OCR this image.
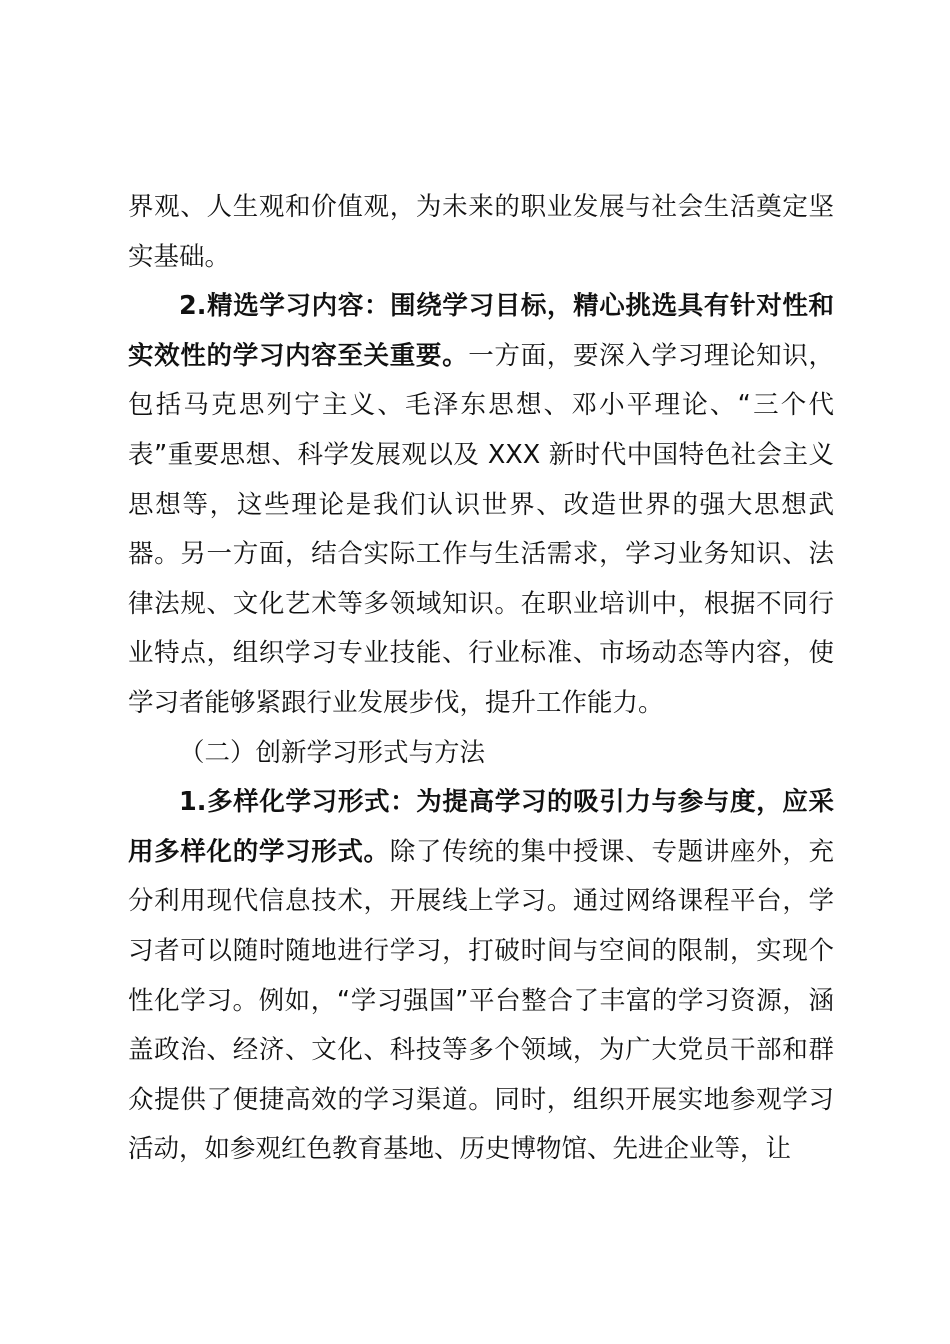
界观、人生观和价值观，为未来的职业发展与社会生活奠定坚实基础。

2.精选学习内容：围绕学习目标，精心挑选具有针对性和实效性的学习内容至关重要。一方面，要深入学习理论知识，包括马克思列宁主义、毛泽东思想、邓小平理论、“三个代表”重要思想、科学发展观以及 XXX 新时代中国特色社会主义思想等，这些理论是我们认识世界、改造世界的强大思想武器。另一方面，结合实际工作与生活需求，学习业务知识、法律法规、文化艺术等多领域知识。在职业培训中，根据不同行业特点，组织学习专业技能、行业标准、市场动态等内容，使学习者能够紧跟行业发展步伐，提升工作能力。

（二）创新学习形式与方法

1.多样化学习形式：为提高学习的吸引力与参与度，应采用多样化的学习形式。除了传统的集中授课、专题讲座外，充分利用现代信息技术，开展线上学习。通过网络课程平台，学习者可以随时随地进行学习，打破时间与空间的限制，实现个性化学习。例如，“学习强国”平台整合了丰富的学习资源，涵盖政治、经济、文化、科技等多个领域，为广大党员干部和群众提供了便捷高效的学习渠道。同时，组织开展实地参观学习活动，如参观红色教育基地、历史博物馆、先进企业等，让
